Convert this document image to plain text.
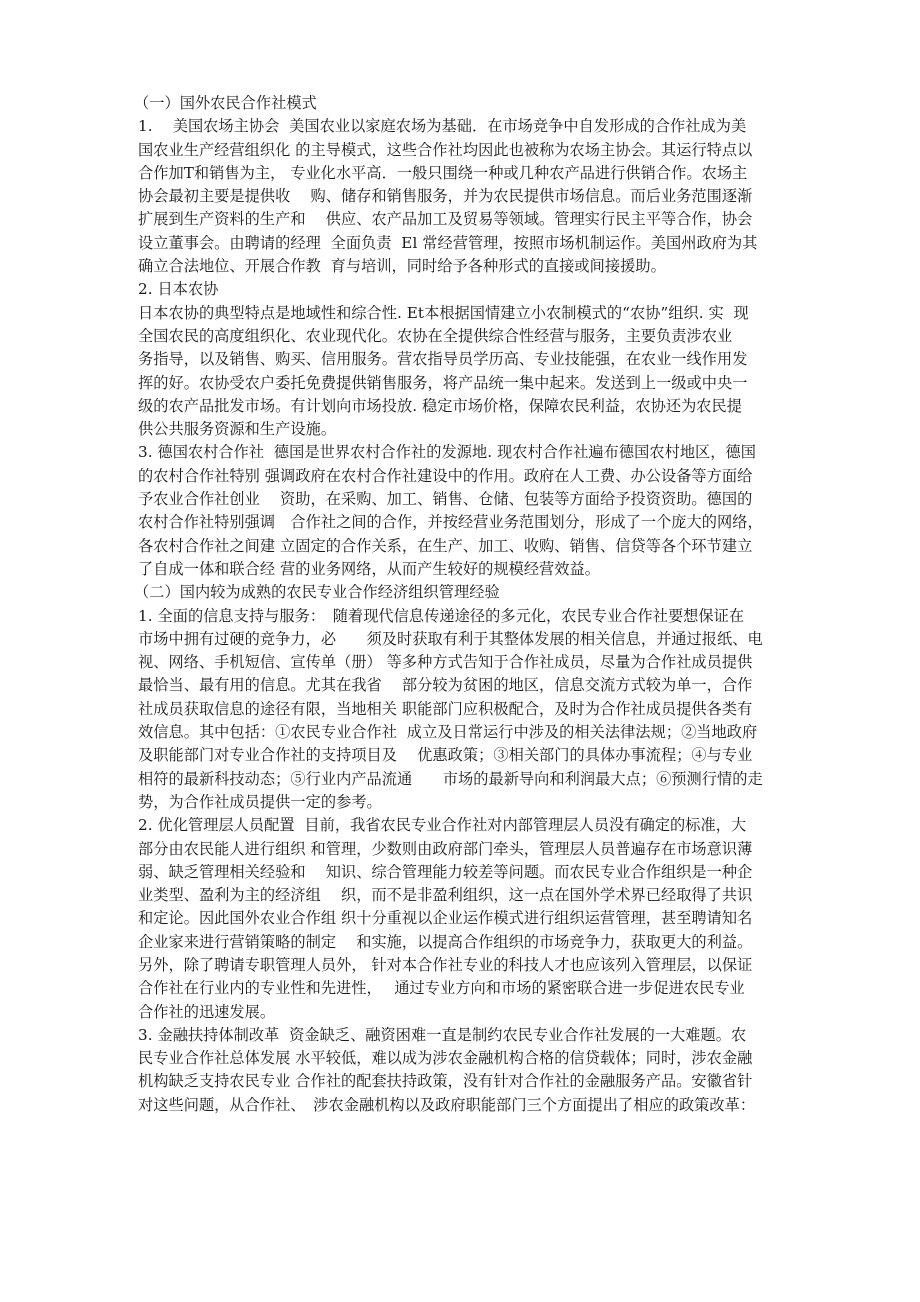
（一）国外农民合作社模式
1.　 美国农场主协会  美国农业以家庭农场为基础．在市场竞争中自发形成的合作社成为美
国农业生产经营组织化 的主导模式，这些合作社均因此也被称为农场主协会。其运行特点以
合作加T和销售为主， 专业化水平高．一般只围绕一种或几种农产品进行供销合作。农场主
协会最初主要是提供收　 购、储存和销售服务，并为农民提供市场信息。而后业务范围逐渐
扩展到生产资料的生产和　 供应、农产品加工及贸易等领域。管理实行民主平等合作，协会
设立董事会。由聘请的经理  全面负责  El 常经营管理，按照市场机制运作。美国州政府为其
确立合法地位、开展合作教  育与培训，同时给予各种形式的直接或间接援助。
2. 日本农协
日本农协的典型特点是地域性和综合性. Et本根据国情建立小农制模式的“农协”组织. 实  现
全国农民的高度组织化、农业现代化。农协在全提供综合性经营与服务，主要负责涉农业
务指导，以及销售、购买、信用服务。营农指导员学历高、专业技能强，在农业一线作用发
挥的好。农协受农户委托免费提供销售服务，将产品统一集中起来。发送到上一级或中央一
级的农产品批发市场。有计划向市场投放. 稳定市场价格，保障农民利益，农协还为农民提
供公共服务资源和生产设施。
3. 德国农村合作社  德国是世界农村合作社的发源地. 现农村合作社遍布德国农村地区，德国
的农村合作社特别 强调政府在农村合作社建设中的作用。政府在人工费、办公设备等方面给
予农业合作社创业　 资助，在采购、加工、销售、仓储、包装等方面给予投资资助。德国的
农村合作社特别强调　合作社之间的合作，并按经营业务范围划分，形成了一个庞大的网络，
各农村合作社之间建 立固定的合作关系，在生产、加工、收购、销售、信贷等各个环节建立
了自成一体和联合经 营的业务网络，从而产生较好的规模经营效益。
（二）国内较为成熟的农民专业合作经济组织管理经验
1. 全面的信息支持与服务：　随着现代信息传递途径的多元化，农民专业合作社要想保证在
市场中拥有过硬的竞争力，必　　须及时获取有利于其整体发展的相关信息，并通过报纸、电
视、网络、手机短信、宣传单（册） 等多种方式告知于合作社成员，尽量为合作社成员提供
最恰当、最有用的信息。尤其在我省　 部分较为贫困的地区，信息交流方式较为单一，合作
社成员获取信息的途径有限，当地相关 职能部门应积极配合，及时为合作社成员提供各类有
效信息。其中包括：①农民专业合作社  成立及日常运行中涉及的相关法律法规；②当地政府
及职能部门对专业合作社的支持项目及　 优惠政策；③相关部门的具体办事流程；④与专业
相符的最新科技动态；⑤行业内产品流通　　市场的最新导向和利润最大点；⑥预测行情的走
势，为合作社成员提供一定的参考。
2. 优化管理层人员配置  目前，我省农民专业合作社对内部管理层人员没有确定的标准，大
部分由农民能人进行组织 和管理，少数则由政府部门牵头，管理层人员普遍存在市场意识薄
弱、缺乏管理相关经验和　 知识、综合管理能力较差等问题。而农民专业合作组织是一种企
业类型、盈利为主的经济组　 织，而不是非盈利组织，这一点在国外学术界已经取得了共识
和定论。因此国外农业合作组 织十分重视以企业运作模式进行组织运营管理，甚至聘请知名
企业家来进行营销策略的制定　 和实施，以提高合作组织的市场竞争力，获取更大的利益。
另外，除了聘请专职管理人员外， 针对本合作社专业的科技人才也应该列入管理层，以保证
合作社在行业内的专业性和先进性，　 通过专业方向和市场的紧密联合进一步促进农民专业
合作社的迅速发展。
3. 金融扶持体制改革  资金缺乏、融资困难一直是制约农民专业合作社发展的一大难题。农
民专业合作社总体发展 水平较低，难以成为涉农金融机构合格的信贷载体；同时，涉农金融
机构缺乏支持农民专业 合作社的配套扶持政策，没有针对合作社的金融服务产品。安徽省针
对这些问题，从合作社、　涉农金融机构以及政府职能部门三个方面提出了相应的政策改革：
